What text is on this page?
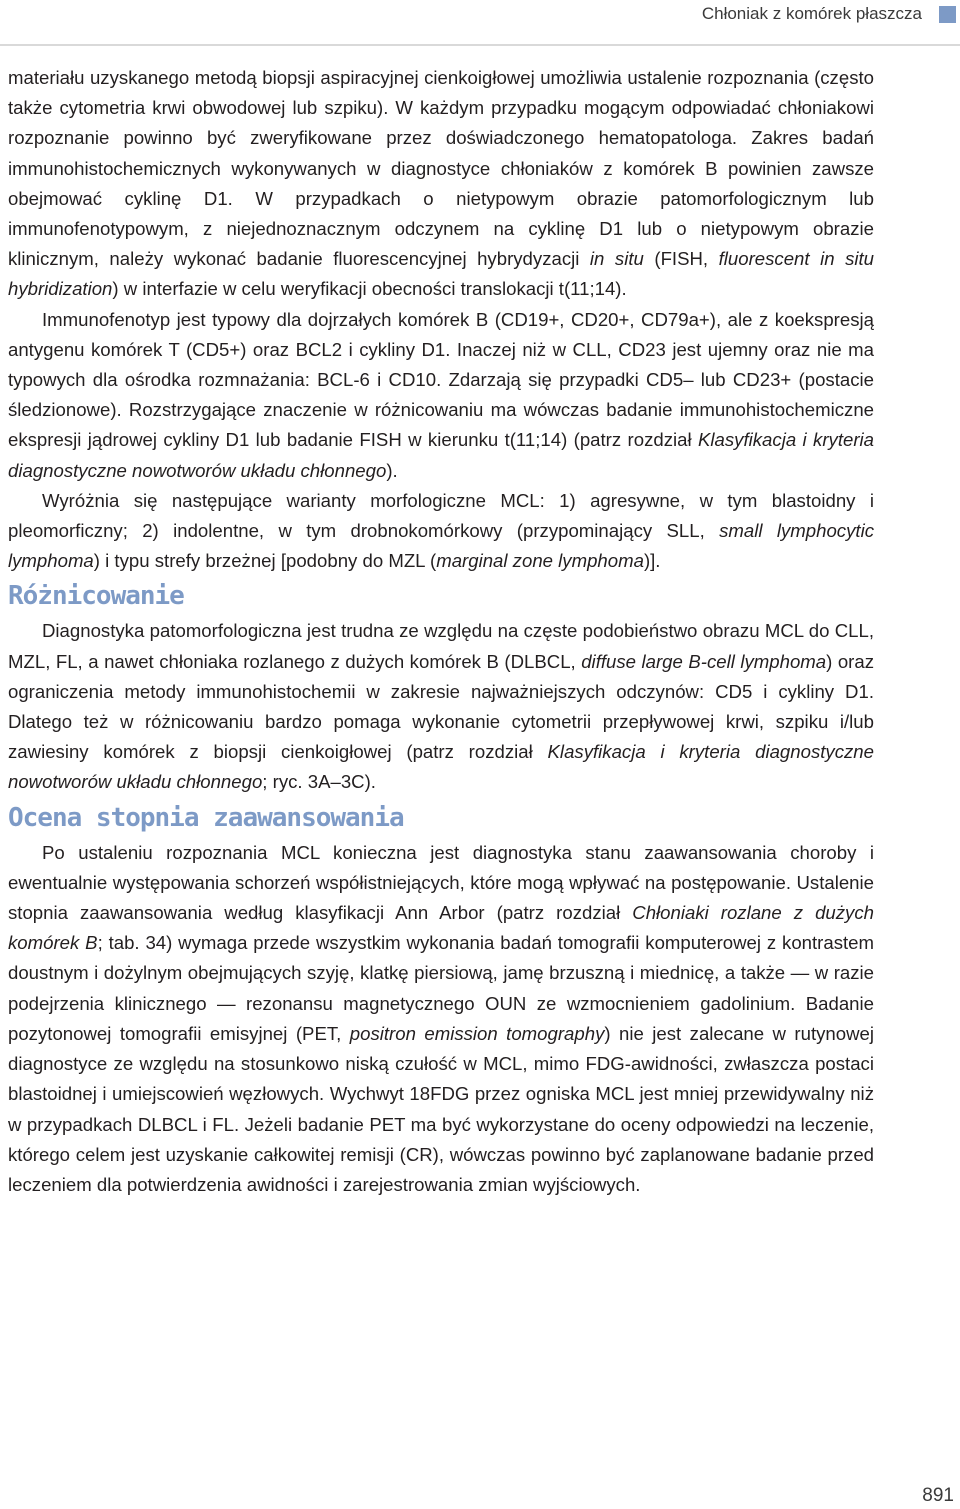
Chłoniak z komórek płaszcza

materiału uzyskanego metodą biopsji aspiracyjnej cienkoigłowej umożliwia ustalenie rozpoznania (często także cytometria krwi obwodowej lub szpiku). W każdym przypadku mogącym odpowiadać chłoniakowi rozpoznanie powinno być zweryfikowane przez doświadczonego hematopatologa. Zakres badań immunohistochemicznych wykonywanych w diagnostyce chłoniaków z komórek B powinien zawsze obejmować cyklinę D1. W przypadkach o nietypowym obrazie patomorfologicznym lub immunofenotypowym, z niejednoznacznym odczynem na cyklinę D1 lub o nietypowym obrazie klinicznym, należy wykonać badanie fluorescencyjnej hybrydyzacji in situ (FISH, fluorescent in situ hybridization) w interfazie w celu weryfikacji obecności translokacji t(11;14).

Immunofenotyp jest typowy dla dojrzałych komórek B (CD19+, CD20+, CD79a+), ale z koekspresją antygenu komórek T (CD5+) oraz BCL2 i cykliny D1. Inaczej niż w CLL, CD23 jest ujemny oraz nie ma typowych dla ośrodka rozmnażania: BCL-6 i CD10. Zdarzają się przypadki CD5– lub CD23+ (postacie śledzionowe). Rozstrzygające znaczenie w różnicowaniu ma wówczas badanie immunohistochemiczne ekspresji jądrowej cykliny D1 lub badanie FISH w kierunku t(11;14) (patrz rozdział Klasyfikacja i kryteria diagnostyczne nowotworów układu chłonnego).

Wyróżnia się następujące warianty morfologiczne MCL: 1) agresywne, w tym blastoidny i pleomorficzny; 2) indolentne, w tym drobnokomórkowy (przypominający SLL, small lymphocytic lymphoma) i typu strefy brzeżnej [podobny do MZL (marginal zone lymphoma)].

Różnicowanie

Diagnostyka patomorfologiczna jest trudna ze względu na częste podobieństwo obrazu MCL do CLL, MZL, FL, a nawet chłoniaka rozlanego z dużych komórek B (DLBCL, diffuse large B-cell lymphoma) oraz ograniczenia metody immunohistochemii w zakresie najważniejszych odczynów: CD5 i cykliny D1. Dlatego też w różnicowaniu bardzo pomaga wykonanie cytometrii przepływowej krwi, szpiku i/lub zawiesiny komórek z biopsji cienkoigłowej (patrz rozdział Klasyfikacja i kryteria diagnostyczne nowotworów układu chłonnego; ryc. 3A–3C).

Ocena stopnia zaawansowania

Po ustaleniu rozpoznania MCL konieczna jest diagnostyka stanu zaawansowania choroby i ewentualnie występowania schorzeń współistniejących, które mogą wpływać na postępowanie. Ustalenie stopnia zaawansowania według klasyfikacji Ann Arbor (patrz rozdział Chłoniaki rozlane z dużych komórek B; tab. 34) wymaga przede wszystkim wykonania badań tomografii komputerowej z kontrastem doustnym i dożylnym obejmujących szyję, klatkę piersiową, jamę brzuszną i miednicę, a także — w razie podejrzenia klinicznego — rezonansu magnetycznego OUN ze wzmocnieniem gadolinium. Badanie pozytonowej tomografii emisyjnej (PET, positron emission tomography) nie jest zalecane w rutynowej diagnostyce ze względu na stosunkowo niską czułość w MCL, mimo FDG-awidności, zwłaszcza postaci blastoidnej i umiejscowień węzłowych. Wychwyt 18FDG przez ogniska MCL jest mniej przewidywalny niż w przypadkach DLBCL i FL. Jeżeli badanie PET ma być wykorzystane do oceny odpowiedzi na leczenie, którego celem jest uzyskanie całkowitej remisji (CR), wówczas powinno być zaplanowane badanie przed leczeniem dla potwierdzenia awidności i zarejestrowania zmian wyjściowych.

891
